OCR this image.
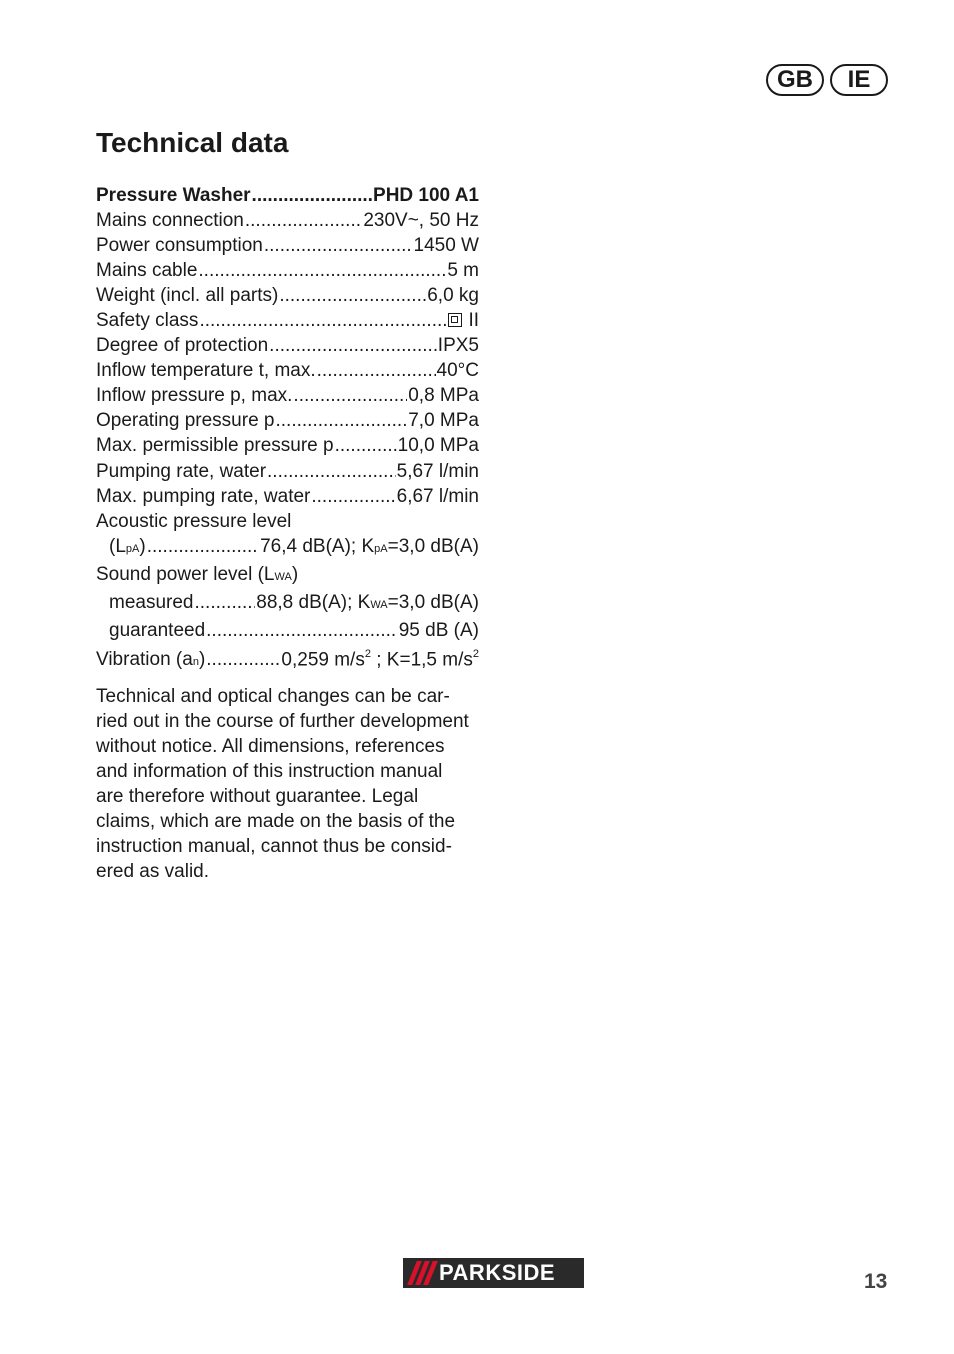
GB	IE
Technical data
Pressure Washer .....	PHD 100 A1
Mains connection .....	230V~, 50 Hz
Power consumption .....	1450 W
Mains cable .....	5 m
Weight (incl. all parts) .....	6,0 kg
Safety class .....	II
Degree of protection .....	IPX5
Inflow temperature t, max. .....	40°C
Inflow pressure p, max. .....	0,8 MPa
Operating pressure p .....	7,0 MPa
Max. permissible pressure p .....	10,0 MPa
Pumping rate, water .....	5,67 l/min
Max. pumping rate, water .....	6,67 l/min
Acoustic pressure level
(LpA) .....	76,4 dB(A); KpA=3,0 dB(A)
Sound power level (LWA)
measured .....	88,8 dB(A); KWA=3,0 dB(A)
guaranteed .....	95 dB (A)
Vibration (an) .....	0,259 $m/s^2$ ; K=1,5 $m/s^2$

Technical and optical changes can be car-
ried out in the course of further development
without notice. All dimensions, references
and information of this instruction manual
are therefore without guarantee. Legal
claims, which are made on the basis of the
instruction manual, cannot thus be consid-
ered as valid.

PARKSIDE	13
